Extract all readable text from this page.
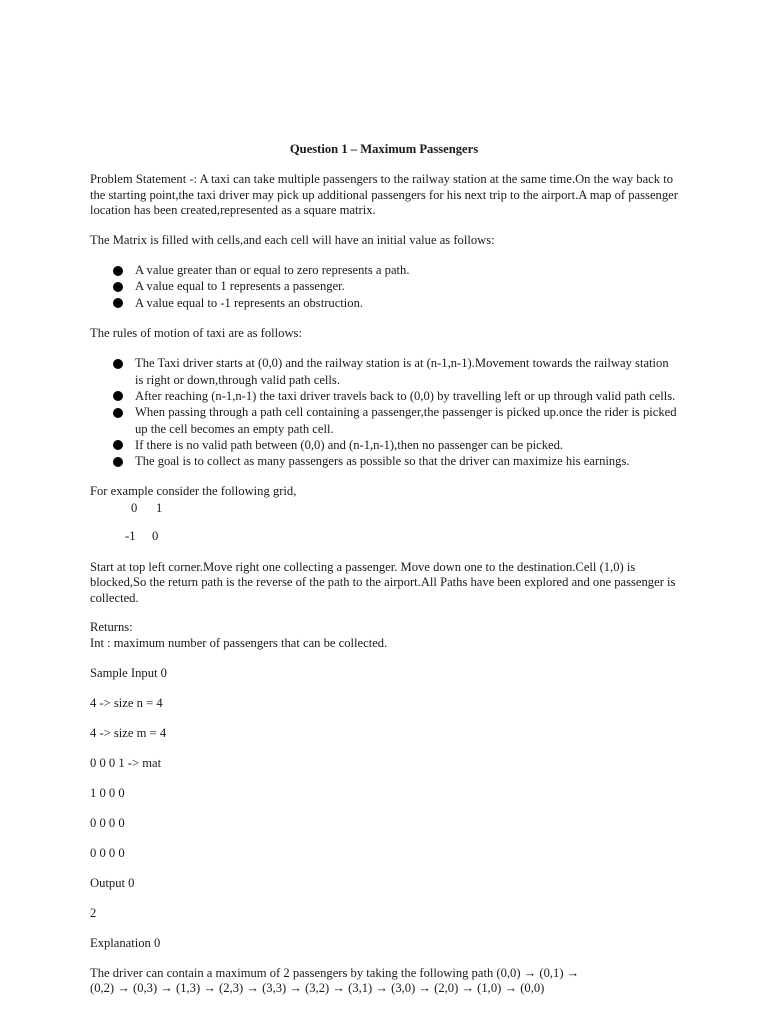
Question 1 – Maximum Passengers
Problem Statement -: A taxi can take multiple passengers to the railway station at the same time.On the way back to the starting point,the taxi driver may pick up additional passengers for his next trip to the airport.A map of passenger location has been created,represented as a square matrix.
The Matrix is filled with cells,and each cell will have an initial value as follows:
A value greater than or equal to zero represents a path.
A value equal to 1 represents a passenger.
A value equal to -1 represents an obstruction.
The rules of motion of taxi are as follows:
The Taxi driver starts at (0,0) and the railway station is at (n-1,n-1).Movement towards the railway station is right or down,through valid path cells.
After reaching (n-1,n-1) the taxi driver travels back to (0,0) by travelling left or up through valid path cells.
When passing through a path cell containing a passenger,the passenger is picked up.once the rider is picked up the cell becomes an empty path cell.
If there is no valid path between (0,0) and (n-1,n-1),then no passenger can be picked.
The goal is to collect as many passengers as possible so that the driver can maximize his earnings.
For example consider the following grid,
0 1
-1 0
Start at top left corner.Move right one collecting a passenger. Move down one to the destination.Cell (1,0) is blocked,So the return path is the reverse of the path to the airport.All Paths have been explored and one passenger is collected.
Returns:
Int : maximum number of passengers that can be collected.
Sample Input 0
4 -> size n = 4
4 -> size m = 4
0 0 0 1 -> mat
1 0 0 0
0 0 0 0
0 0 0 0
Output 0
2
Explanation 0
The driver can contain a maximum of 2 passengers by taking the following path (0,0) → (0,1) →
(0,2) → (0,3) → (1,3) → (2,3) → (3,3) → (3,2) → (3,1) → (3,0) → (2,0) → (1,0) → (0,0)
